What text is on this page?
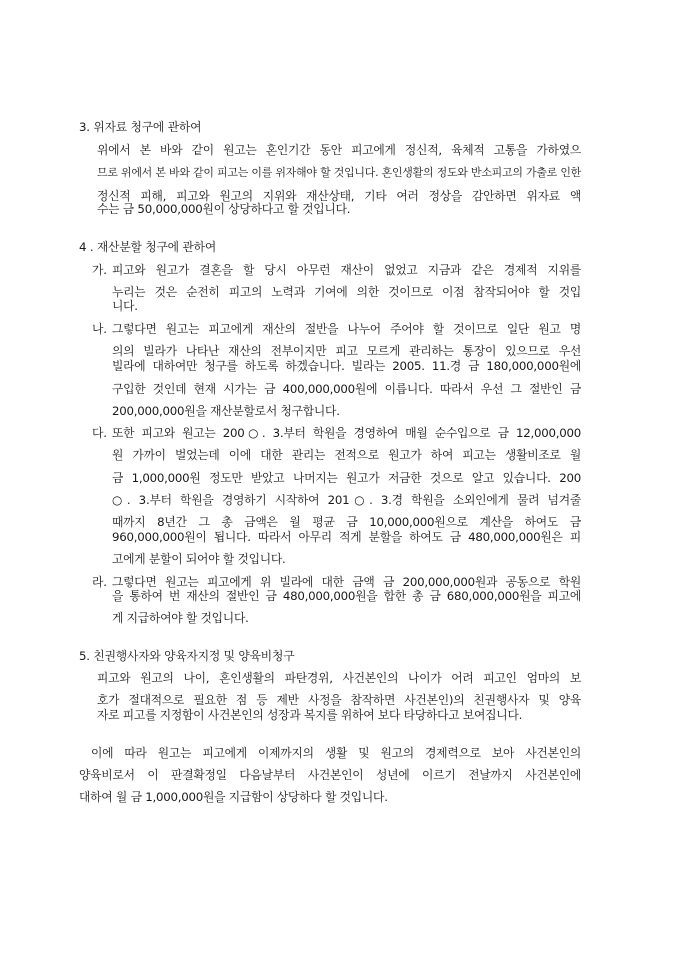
3. 위자료 청구에 관하여
위에서 본 바와 같이 원고는 혼인기간 동안 피고에게 정신적, 육체적 고통을 가하였으
므로 위에서 본 바와 같이 피고는 이를 위자해야 할 것입니다. 혼인생활의 정도와 반소피고의 가출로 인한
정신적 피해, 피고와 원고의 지위와 재산상태, 기타 여러 정상을 감안하면 위자료 액
수는 금 50,000,000원이 상당하다고 할 것입니다.
4 . 재산분할 청구에 관하여
가. 피고와 원고가 결혼을 할 당시 아무런 재산이 없었고 지금과 같은 경제적 지위를
누리는 것은 순전히 피고의 노력과 기여에 의한 것이므로 이점 참작되어야 할 것입
니다.
나. 그렇다면 원고는 피고에게 재산의 절반을 나누어 주어야 할 것이므로 일단 원고 명
의의 빌라가 나타난 재산의 전부이지만 피고 모르게 관리하는 통장이 있으므로 우선
빌라에 대하여만 청구를 하도록 하겠습니다. 빌라는 2005. 11.경 금 180,000,000원에
구입한 것인데 현재 시가는 금 400,000,000원에 이릅니다. 따라서 우선 그 절반인 금
200,000,000원을 재산분할로서 청구합니다.
다. 또한 피고와 원고는 200○. 3.부터 학원을 경영하여 매월 순수입으로 금 12,000,000
원 가까이 벌었는데 이에 대한 관리는 전적으로 원고가 하여 피고는 생활비조로 월
금 1,000,000원 정도만 받았고 나머지는 원고가 저금한 것으로 알고 있습니다. 200
○. 3.부터 학원을 경영하기 시작하여 201○. 3.경 학원을 소외인에게 물려 넘겨줄
때까지 8년간 그 총 금액은 월 평균 금 10,000,000원으로 계산을 하여도 금
960,000,000원이 됩니다. 따라서 아무리 적게 분할을 하여도 금 480,000,000원은 피
고에게 분할이 되어야 할 것입니다.
라. 그렇다면 원고는 피고에게 위 빌라에 대한 금액 금 200,000,000원과 공동으로 학원
을 통하여 번 재산의 절반인 금 480,000,000원을 합한 총 금 680,000,000원을 피고에
게 지급하여야 할 것입니다.
5. 친권행사자와 양육자지정 및 양육비청구
피고와 원고의 나이, 혼인생활의 파탄경위, 사건본인의 나이가 어려 피고인 엄마의 보
호가 절대적으로 필요한 점 등 제반 사정을 참작하면 사건본인)의 친권행사자 및 양육
자로 피고를 지정함이 사건본인의 성장과 복지를 위하여 보다 타당하다고 보여집니다.
이에 따라 원고는 피고에게 이제까지의 생활 및 원고의 경제력으로 보아 사건본인의
양육비로서 이 판결확정일 다음날부터 사건본인이 성년에 이르기 전날까지 사건본인에
대하여 월 금 1,000,000원을 지급함이 상당하다 할 것입니다.
